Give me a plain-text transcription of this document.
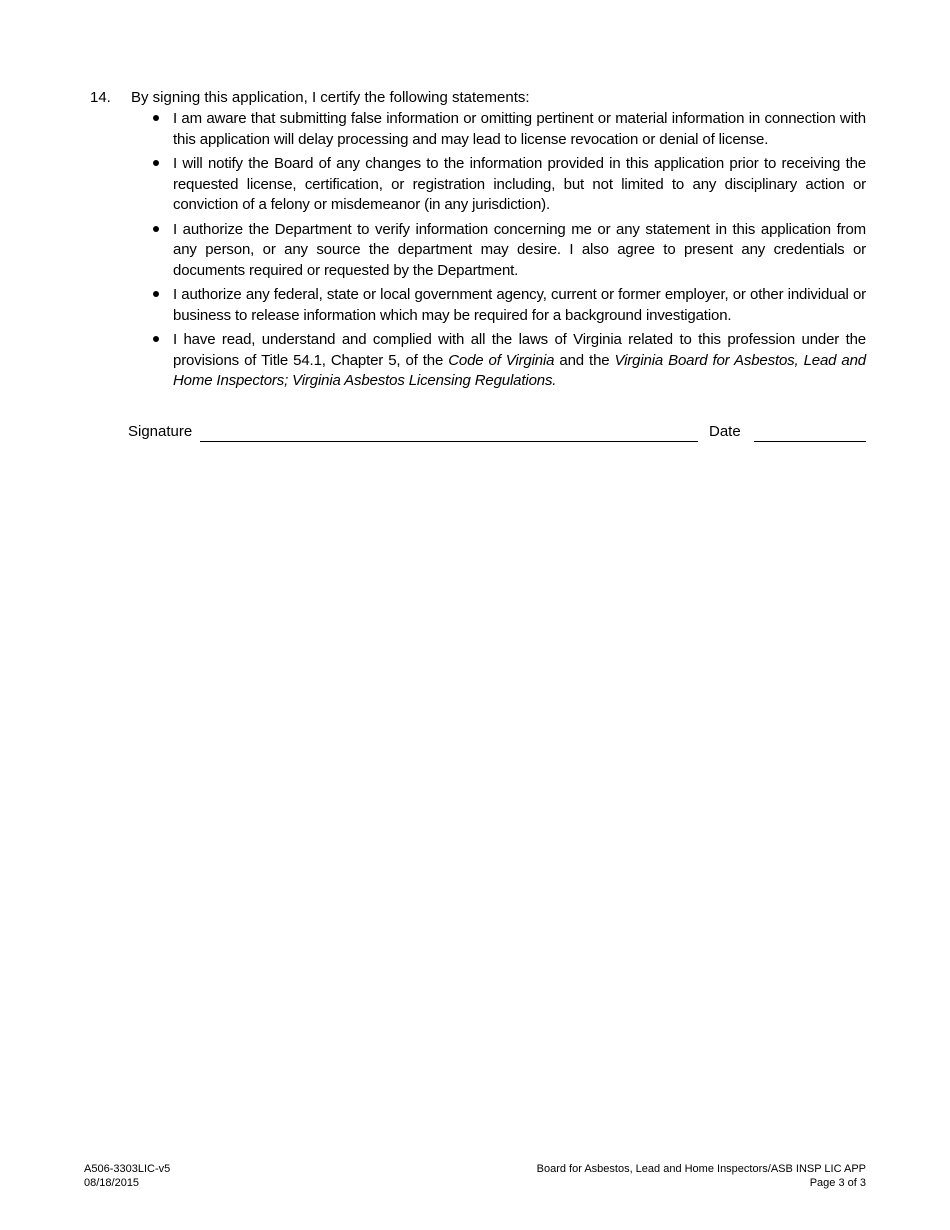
14. By signing this application, I certify the following statements:
I am aware that submitting false information or omitting pertinent or material information in connection with this application will delay processing and may lead to license revocation or denial of license.
I will notify the Board of any changes to the information provided in this application prior to receiving the requested license, certification, or registration including, but not limited to any disciplinary action or conviction of a felony or misdemeanor (in any jurisdiction).
I authorize the Department to verify information concerning me or any statement in this application from any person, or any source the department may desire. I also agree to present any credentials or documents required or requested by the Department.
I authorize any federal, state or local government agency, current or former employer, or other individual or business to release information which may be required for a background investigation.
I have read, understand and complied with all the laws of Virginia related to this profession under the provisions of Title 54.1, Chapter 5, of the Code of Virginia and the Virginia Board for Asbestos, Lead and Home Inspectors; Virginia Asbestos Licensing Regulations.
Signature	Date
A506-3303LIC-v5
08/18/2015
Board for Asbestos, Lead and Home Inspectors/ASB INSP LIC APP
Page 3 of 3
